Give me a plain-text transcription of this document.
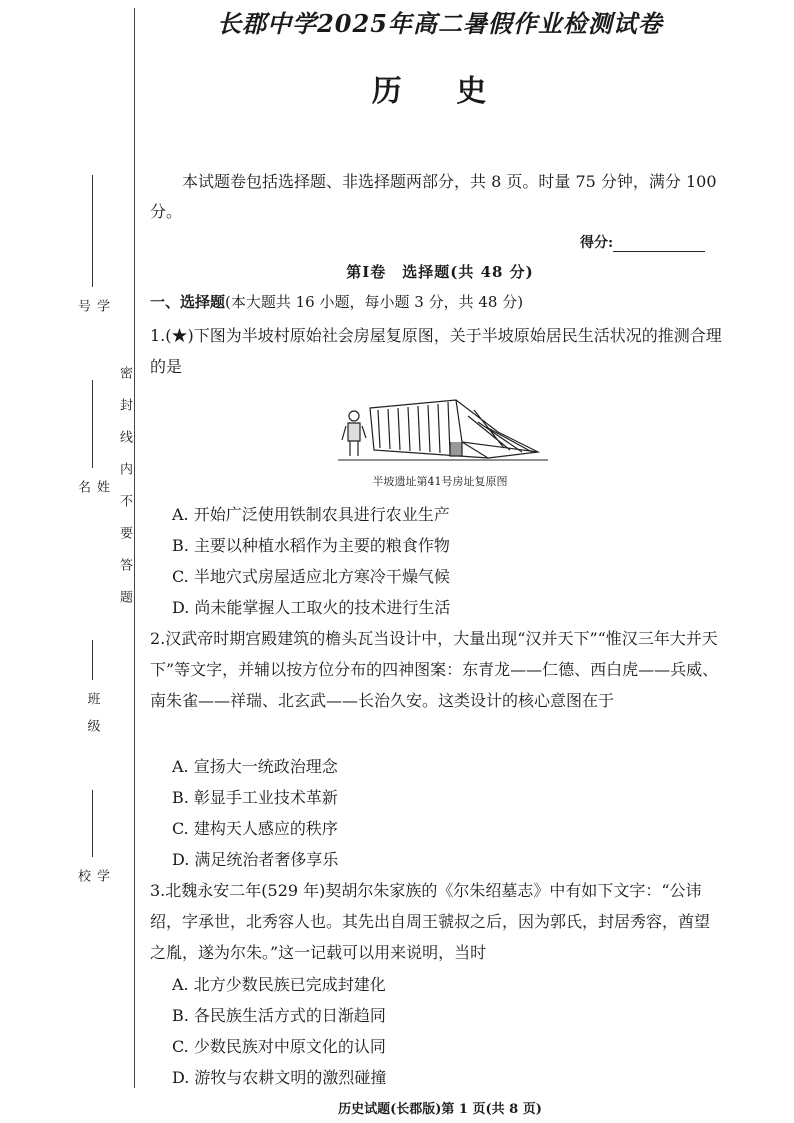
学号
姓名
班级
学校
密封线内不要答题
长郡中学2025年高二暑假作业检测试卷
历 史
本试题卷包括选择题、非选择题两部分，共 8 页。时量 75 分钟，满分 100 分。
得分:
第Ⅰ卷　选择题(共 48 分)
一、选择题(本大题共 16 小题，每小题 3 分，共 48 分)
1.(★)下图为半坡村原始社会房屋复原图，关于半坡原始居民生活状况的推测合理的是
半坡遗址第41号房址复原图
A. 开始广泛使用铁制农具进行农业生产
B. 主要以种植水稻作为主要的粮食作物
C. 半地穴式房屋适应北方寒冷干燥气候
D. 尚未能掌握人工取火的技术进行生活
2.汉武帝时期宫殿建筑的檐头瓦当设计中，大量出现“汉并天下”“惟汉三年大并天下”等文字，并辅以按方位分布的四神图案：东青龙——仁德、西白虎——兵威、南朱雀——祥瑞、北玄武——长治久安。这类设计的核心意图在于
A. 宣扬大一统政治理念
B. 彰显手工业技术革新
C. 建构天人感应的秩序
D. 满足统治者奢侈享乐
3.北魏永安二年(529 年)契胡尔朱家族的《尔朱绍墓志》中有如下文字：“公讳绍，字承世，北秀容人也。其先出自周王虢叔之后，因为郭氏，封居秀容，酋望之胤，遂为尔朱。”这一记载可以用来说明，当时
A. 北方少数民族已完成封建化
B. 各民族生活方式的日渐趋同
C. 少数民族对中原文化的认同
D. 游牧与农耕文明的激烈碰撞
历史试题(长郡版)第 1 页(共 8 页)
